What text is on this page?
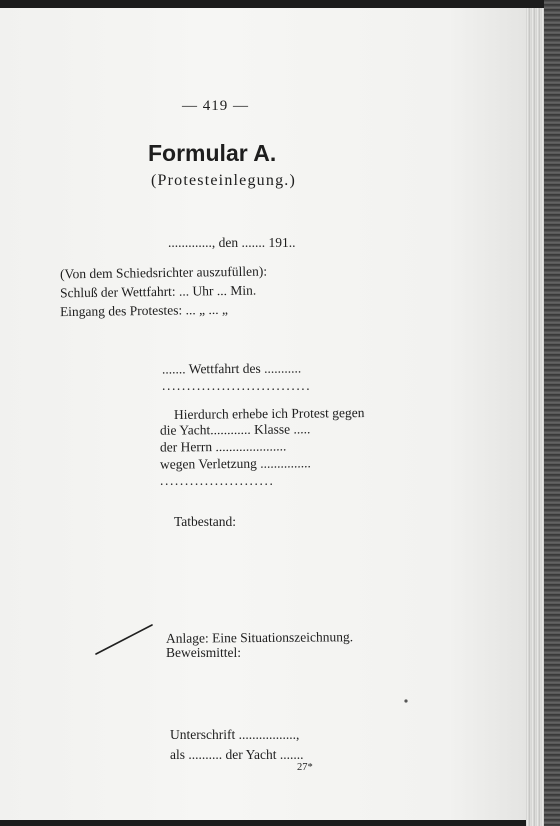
— 419 —
Formular A.
(Protesteinlegung.)
............., den ....... 191..
(Von dem Schiedsrichter auszufüllen):
Schluß der Wettfahrt: ... Uhr ... Min.
Eingang des Protestes: ... „ ... „
....... Wettfahrt des ...........
..............................
Hierdurch erhebe ich Protest gegen
die Yacht............ Klasse .....
der Herrn .....................
wegen Verletzung ...............
.......................
Tatbestand:
Anlage: Eine Situationszeichnung.
Beweismittel:
Unterschrift .................,
als .......... der Yacht .......
27*
